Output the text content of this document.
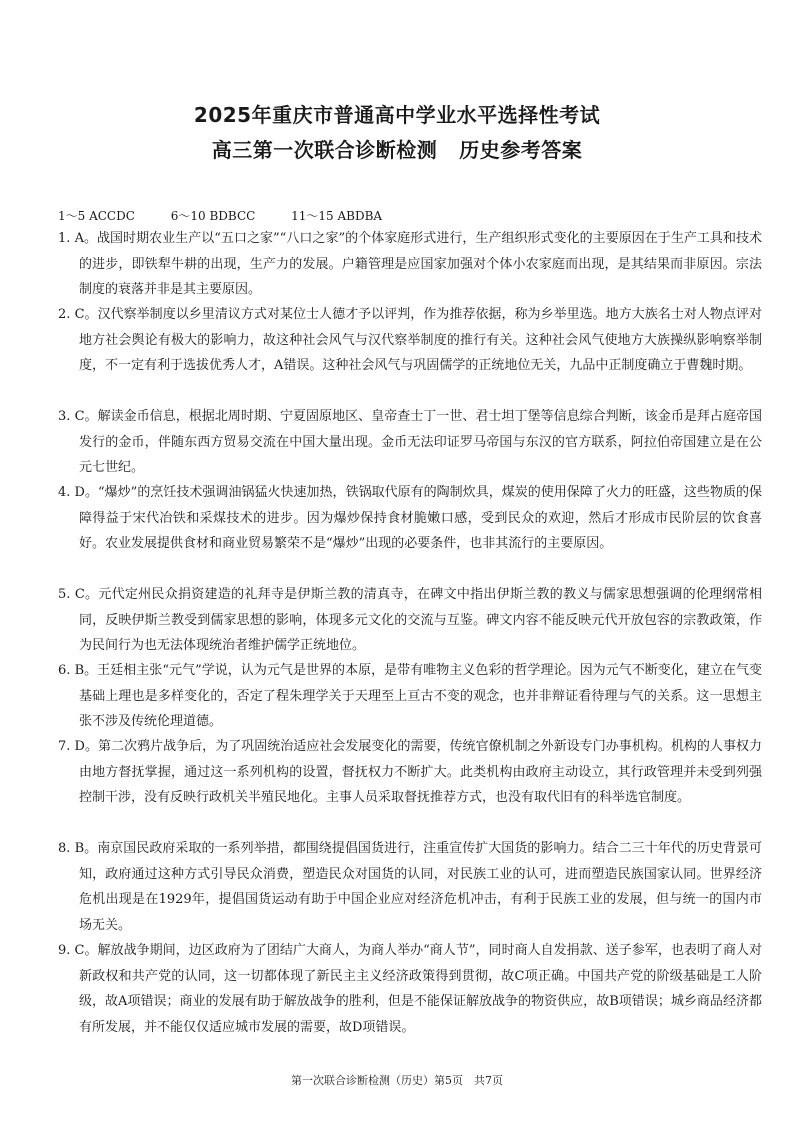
2025年重庆市普通高中学业水平选择性考试
高三第一次联合诊断检测 历史参考答案
1～5 ACCDC	6～10 BDBCC	11～15 ABDBA
1. A。战国时期农业生产以“五口之家”“八口之家”的个体家庭形式进行，生产组织形式变化的主要原因在于生产工具和技术的进步，即铁犁牛耕的出现，生产力的发展。户籍管理是应国家加强对个体小农家庭而出现，是其结果而非原因。宗法制度的衰落并非是其主要原因。
2. C。汉代察举制度以乡里清议方式对某位士人德才予以评判，作为推荐依据，称为乡举里选。地方大族名士对人物点评对地方社会舆论有极大的影响力，故这种社会风气与汉代察举制度的推行有关。这种社会风气使地方大族操纵影响察举制度，不一定有利于选拔优秀人才，A错误。这种社会风气与巩固儒学的正统地位无关，九品中正制度确立于曹魏时期。
3. C。解读金币信息，根据北周时期、宁夏固原地区、皇帝查士丁一世、君士坦丁堡等信息综合判断，该金币是拜占庭帝国发行的金币，伴随东西方贸易交流在中国大量出现。金币无法印证罗马帝国与东汉的官方联系，阿拉伯帝国建立是在公元七世纪。
4. D。“爆炒”的烹饪技术强调油锅猛火快速加热，铁锅取代原有的陶制炊具，煤炭的使用保障了火力的旺盛，这些物质的保障得益于宋代冶铁和采煤技术的进步。因为爆炒保持食材脆嫩口感，受到民众的欢迎，然后才形成市民阶层的饮食喜好。农业发展提供食材和商业贸易繁荣不是“爆炒”出现的必要条件，也非其流行的主要原因。
5. C。元代定州民众捐资建造的礼拜寺是伊斯兰教的清真寺，在碑文中指出伊斯兰教的教义与儒家思想强调的伦理纲常相同，反映伊斯兰教受到儒家思想的影响，体现多元文化的交流与互鉴。碑文内容不能反映元代开放包容的宗教政策，作为民间行为也无法体现统治者维护儒学正统地位。
6. B。王廷相主张“元气”学说，认为元气是世界的本原，是带有唯物主义色彩的哲学理论。因为元气不断变化，建立在气变基础上理也是多样变化的，否定了程朱理学关于天理至上亘古不变的观念，也并非辩证看待理与气的关系。这一思想主张不涉及传统伦理道德。
7. D。第二次鸦片战争后，为了巩固统治适应社会发展变化的需要，传统官僚机制之外新设专门办事机构。机构的人事权力由地方督抚掌握，通过这一系列机构的设置，督抚权力不断扩大。此类机构由政府主动设立，其行政管理并未受到列强控制干涉，没有反映行政机关半殖民地化。主事人员采取督抚推荐方式，也没有取代旧有的科举选官制度。
8. B。南京国民政府采取的一系列举措，都围绕提倡国货进行，注重宣传扩大国货的影响力。结合二三十年代的历史背景可知，政府通过这种方式引导民众消费，塑造民众对国货的认同，对民族工业的认可，进而塑造民族国家认同。世界经济危机出现是在1929年，提倡国货运动有助于中国企业应对经济危机冲击，有利于民族工业的发展，但与统一的国内市场无关。
9. C。解放战争期间，边区政府为了团结广大商人，为商人举办“商人节”，同时商人自发捐款、送子参军，也表明了商人对新政权和共产党的认同，这一切都体现了新民主主义经济政策得到贯彻，故C项正确。中国共产党的阶级基础是工人阶级，故A项错误；商业的发展有助于解放战争的胜利，但是不能保证解放战争的物资供应，故B项错误；城乡商品经济都有所发展，并不能仅仅适应城市发展的需要，故D项错误。
第一次联合诊断检测（历史）第5页　共7页
